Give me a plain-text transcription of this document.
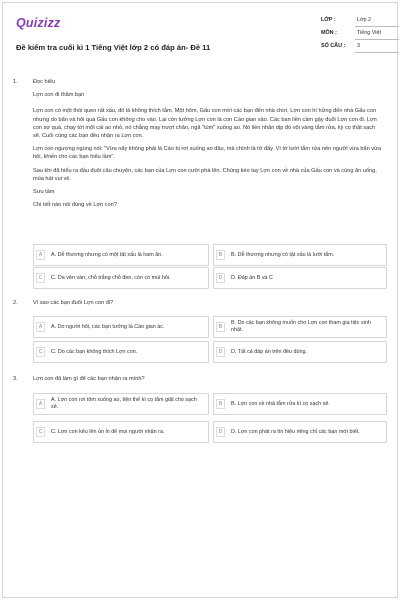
Quizizz
Đề kiểm tra cuối kì 1 Tiếng Việt lớp 2 có đáp án- Đề 11
LỚP :	Lớp 2
MÔN :	Tiếng Việt
SỐ CÂU : 3
1.	Đọc hiểu

Lợn con đi thăm bạn

Lợn con có một thói quen rất xấu, đó là không thích tắm. Một hôm, Gấu con mời các bạn đến nhà chơi, Lợn con hí hửng đến nhà Gấu con nhưng do bẩn và hôi quá Gấu con không cho vào. Lại còn tưởng Lợn con là con Cáo gian xảo. Các bạn liền cầm gậy đuổi Lợn con đi. Lợn con sợ quá, chạy tới một cái ao nhỏ, nó chẳng may trượt chân, ngã "tùm" xuống ao. Nó liền nhân dịp đó vội vàng tắm rửa, kỳ cọ thật sạch sẽ. Cuối cùng các bạn đều nhận ra Lợn con.

Lợn con ngượng ngùng nói: "Vừa nãy không phải là Cáo bị rơi xuống ao đâu, mà chính là tớ đấy. Vì tớ lười tắm rửa nên người vừa bẩn vừa hôi, khiến cho các bạn hiểu lầm".

Sau khi đã hiểu ra đầu đuôi câu chuyện, các bạn của Lợn con cười phá lên. Chúng kéo tay Lợn con về nhà của Gấu con và cùng ăn uống, múa hát vui vẻ.

Sưu tầm

Chi tiết nào nói đúng về Lợn con?

A	A. Dễ thương nhưng có một tật xấu là ham ăn.	B	B. Dễ thương nhưng có tật xấu là lười tắm.
C	C. Da vên vàn, chỗ trắng chỗ đen, còn có mùi hôi.	D	D. Đáp án B và C
2.	Vì sao các bạn đuổi Lợn con đi?

A	A. Do người hôi, các bạn tưởng là Cáo gian ác.	B
B. Do các bạn không muốn cho Lợn con tham gia tiệc sinh nhật.
C	C. Do các bạn không thích Lợn con.	D	D. Tất cả đáp án trên đều đúng.
3.	Lợn con đã làm gì để các bạn nhận ra mình?

A
A. Lợn con rơi tõm xuống ao, tiện thể kì cọ tắm giặt cho sạch sẽ.	B	B. Lợn con về nhà tắm rửa kì cọ sạch sẽ.
C	C. Lợn con kêu lên ủn ỉn để mọi người nhận ra.	D	D. Lợn con phát ra tín hiệu riêng chỉ các bạn mới biết.
